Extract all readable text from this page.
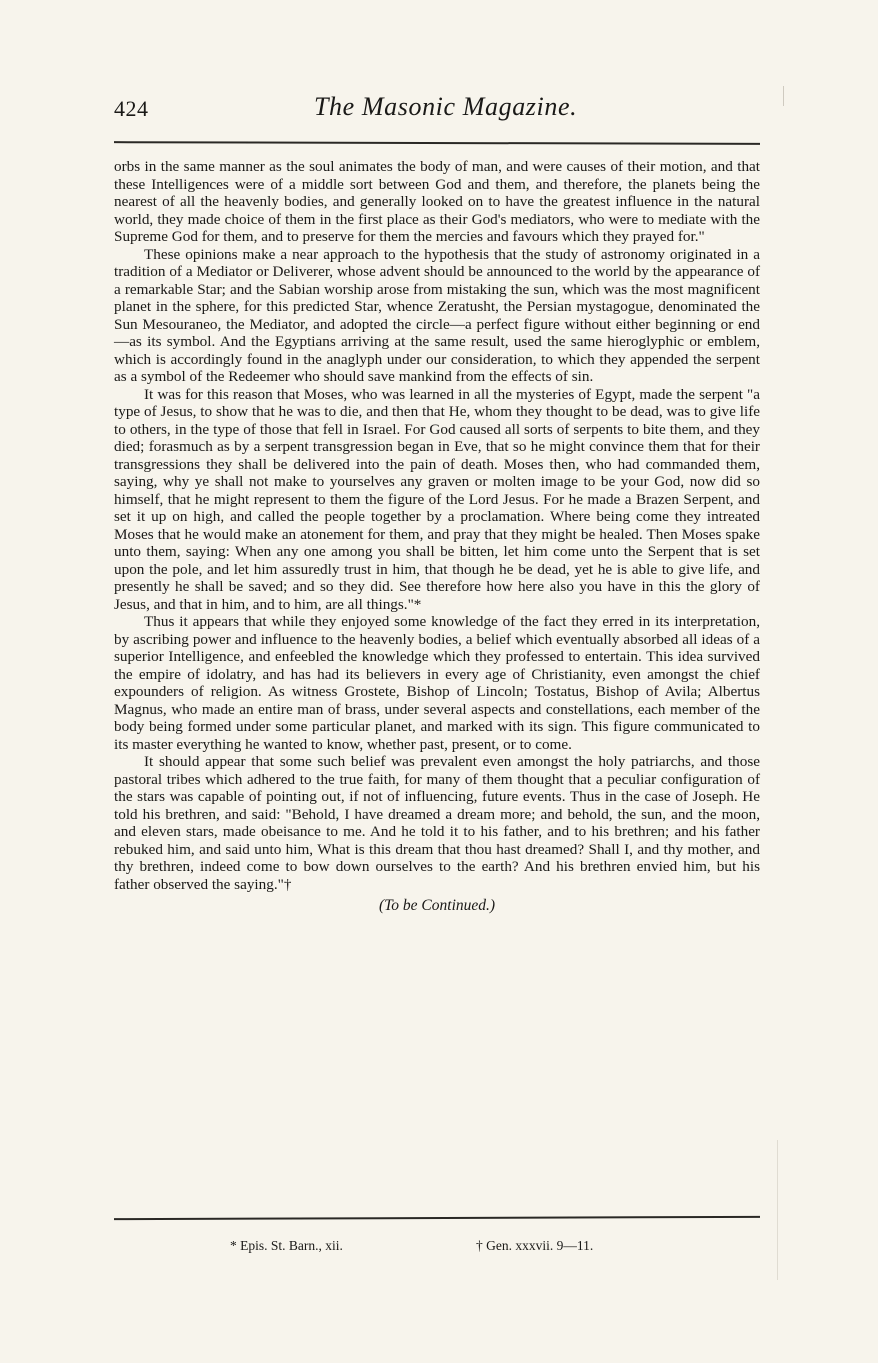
424	The Masonic Magazine.

orbs in the same manner as the soul animates the body of man, and were causes of their motion, and that these Intelligences were of a middle sort between God and them, and therefore, the planets being the nearest of all the heavenly bodies, and generally looked on to have the greatest influence in the natural world, they made choice of them in the first place as their God's mediators, who were to mediate with the Supreme God for them, and to preserve for them the mercies and favours which they prayed for."

These opinions make a near approach to the hypothesis that the study of astronomy originated in a tradition of a Mediator or Deliverer, whose advent should be announced to the world by the appearance of a remarkable Star; and the Sabian worship arose from mistaking the sun, which was the most magnificent planet in the sphere, for this predicted Star, whence Zeratusht, the Persian mystagogue, denominated the Sun Mesouraneo, the Mediator, and adopted the circle—a perfect figure without either beginning or end—as its symbol. And the Egyptians arriving at the same result, used the same hieroglyphic or emblem, which is accordingly found in the anaglyph under our consideration, to which they appended the serpent as a symbol of the Redeemer who should save mankind from the effects of sin.

It was for this reason that Moses, who was learned in all the mysteries of Egypt, made the serpent "a type of Jesus, to show that he was to die, and then that He, whom they thought to be dead, was to give life to others, in the type of those that fell in Israel. For God caused all sorts of serpents to bite them, and they died; forasmuch as by a serpent transgression began in Eve, that so he might convince them that for their transgressions they shall be delivered into the pain of death. Moses then, who had commanded them, saying, why ye shall not make to yourselves any graven or molten image to be your God, now did so himself, that he might represent to them the figure of the Lord Jesus. For he made a Brazen Serpent, and set it up on high, and called the people together by a proclamation. Where being come they intreated Moses that he would make an atonement for them, and pray that they might be healed. Then Moses spake unto them, saying: When any one among you shall be bitten, let him come unto the Serpent that is set upon the pole, and let him assuredly trust in him, that though he be dead, yet he is able to give life, and presently he shall be saved; and so they did. See therefore how here also you have in this the glory of Jesus, and that in him, and to him, are all things."*

Thus it appears that while they enjoyed some knowledge of the fact they erred in its interpretation, by ascribing power and influence to the heavenly bodies, a belief which eventually absorbed all ideas of a superior Intelligence, and enfeebled the knowledge which they professed to entertain. This idea survived the empire of idolatry, and has had its believers in every age of Christianity, even amongst the chief expounders of religion. As witness Grostete, Bishop of Lincoln; Tostatus, Bishop of Avila; Albertus Magnus, who made an entire man of brass, under several aspects and constellations, each member of the body being formed under some particular planet, and marked with its sign. This figure communicated to its master everything he wanted to know, whether past, present, or to come.

It should appear that some such belief was prevalent even amongst the holy patriarchs, and those pastoral tribes which adhered to the true faith, for many of them thought that a peculiar configuration of the stars was capable of pointing out, if not of influencing, future events. Thus in the case of Joseph. He told his brethren, and said: "Behold, I have dreamed a dream more; and behold, the sun, and the moon, and eleven stars, made obeisance to me. And he told it to his father, and to his brethren; and his father rebuked him, and said unto him, What is this dream that thou hast dreamed? Shall I, and thy mother, and thy brethren, indeed come to bow down ourselves to the earth? And his brethren envied him, but his father observed the saying."†

(To be Continued.)
* Epis. St. Barn., xii.	† Gen. xxxvii. 9—11.
